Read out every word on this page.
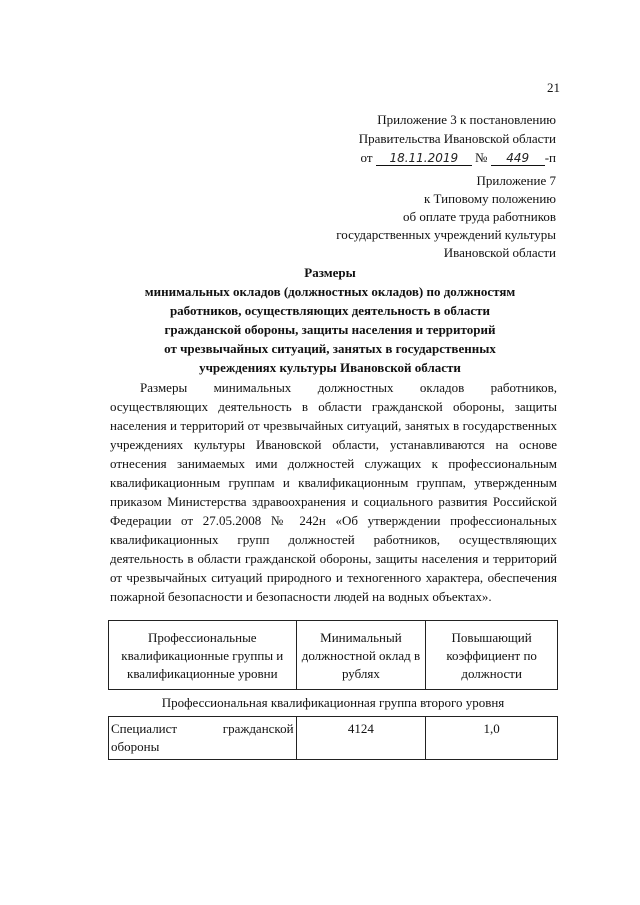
21
Приложение 3 к постановлению
Правительства Ивановской области
от 18.11.2019 № 449 -п
Приложение 7
к Типовому положению
об оплате труда работников
государственных учреждений культуры
Ивановской области
Размеры
минимальных окладов (должностных окладов) по должностям
работников, осуществляющих деятельность в области
гражданской обороны, защиты населения и территорий
от чрезвычайных ситуаций, занятых в государственных
учреждениях культуры Ивановской области
Размеры минимальных должностных окладов работников, осуществляющих деятельность в области гражданской обороны, защиты населения и территорий от чрезвычайных ситуаций, занятых в государственных учреждениях культуры Ивановской области, устанавливаются на основе отнесения занимаемых ими должностей служащих к профессиональным квалификационным группам и квалификационным группам, утвержденным приказом Министерства здравоохранения и социального развития Российской Федерации от 27.05.2008 № 242н «Об утверждении профессиональных квалификационных групп должностей работников, осуществляющих деятельность в области гражданской обороны, защиты населения и территорий от чрезвычайных ситуаций природного и техногенного характера, обеспечения пожарной безопасности и безопасности людей на водных объектах».
Профессиональные квалификационные группы и квалификационные уровни	Минимальный должностной оклад в рублях	Повышающий коэффициент по должности
Профессиональная квалификационная группа второго уровня		
Специалист гражданской обороны	4124	1,0
